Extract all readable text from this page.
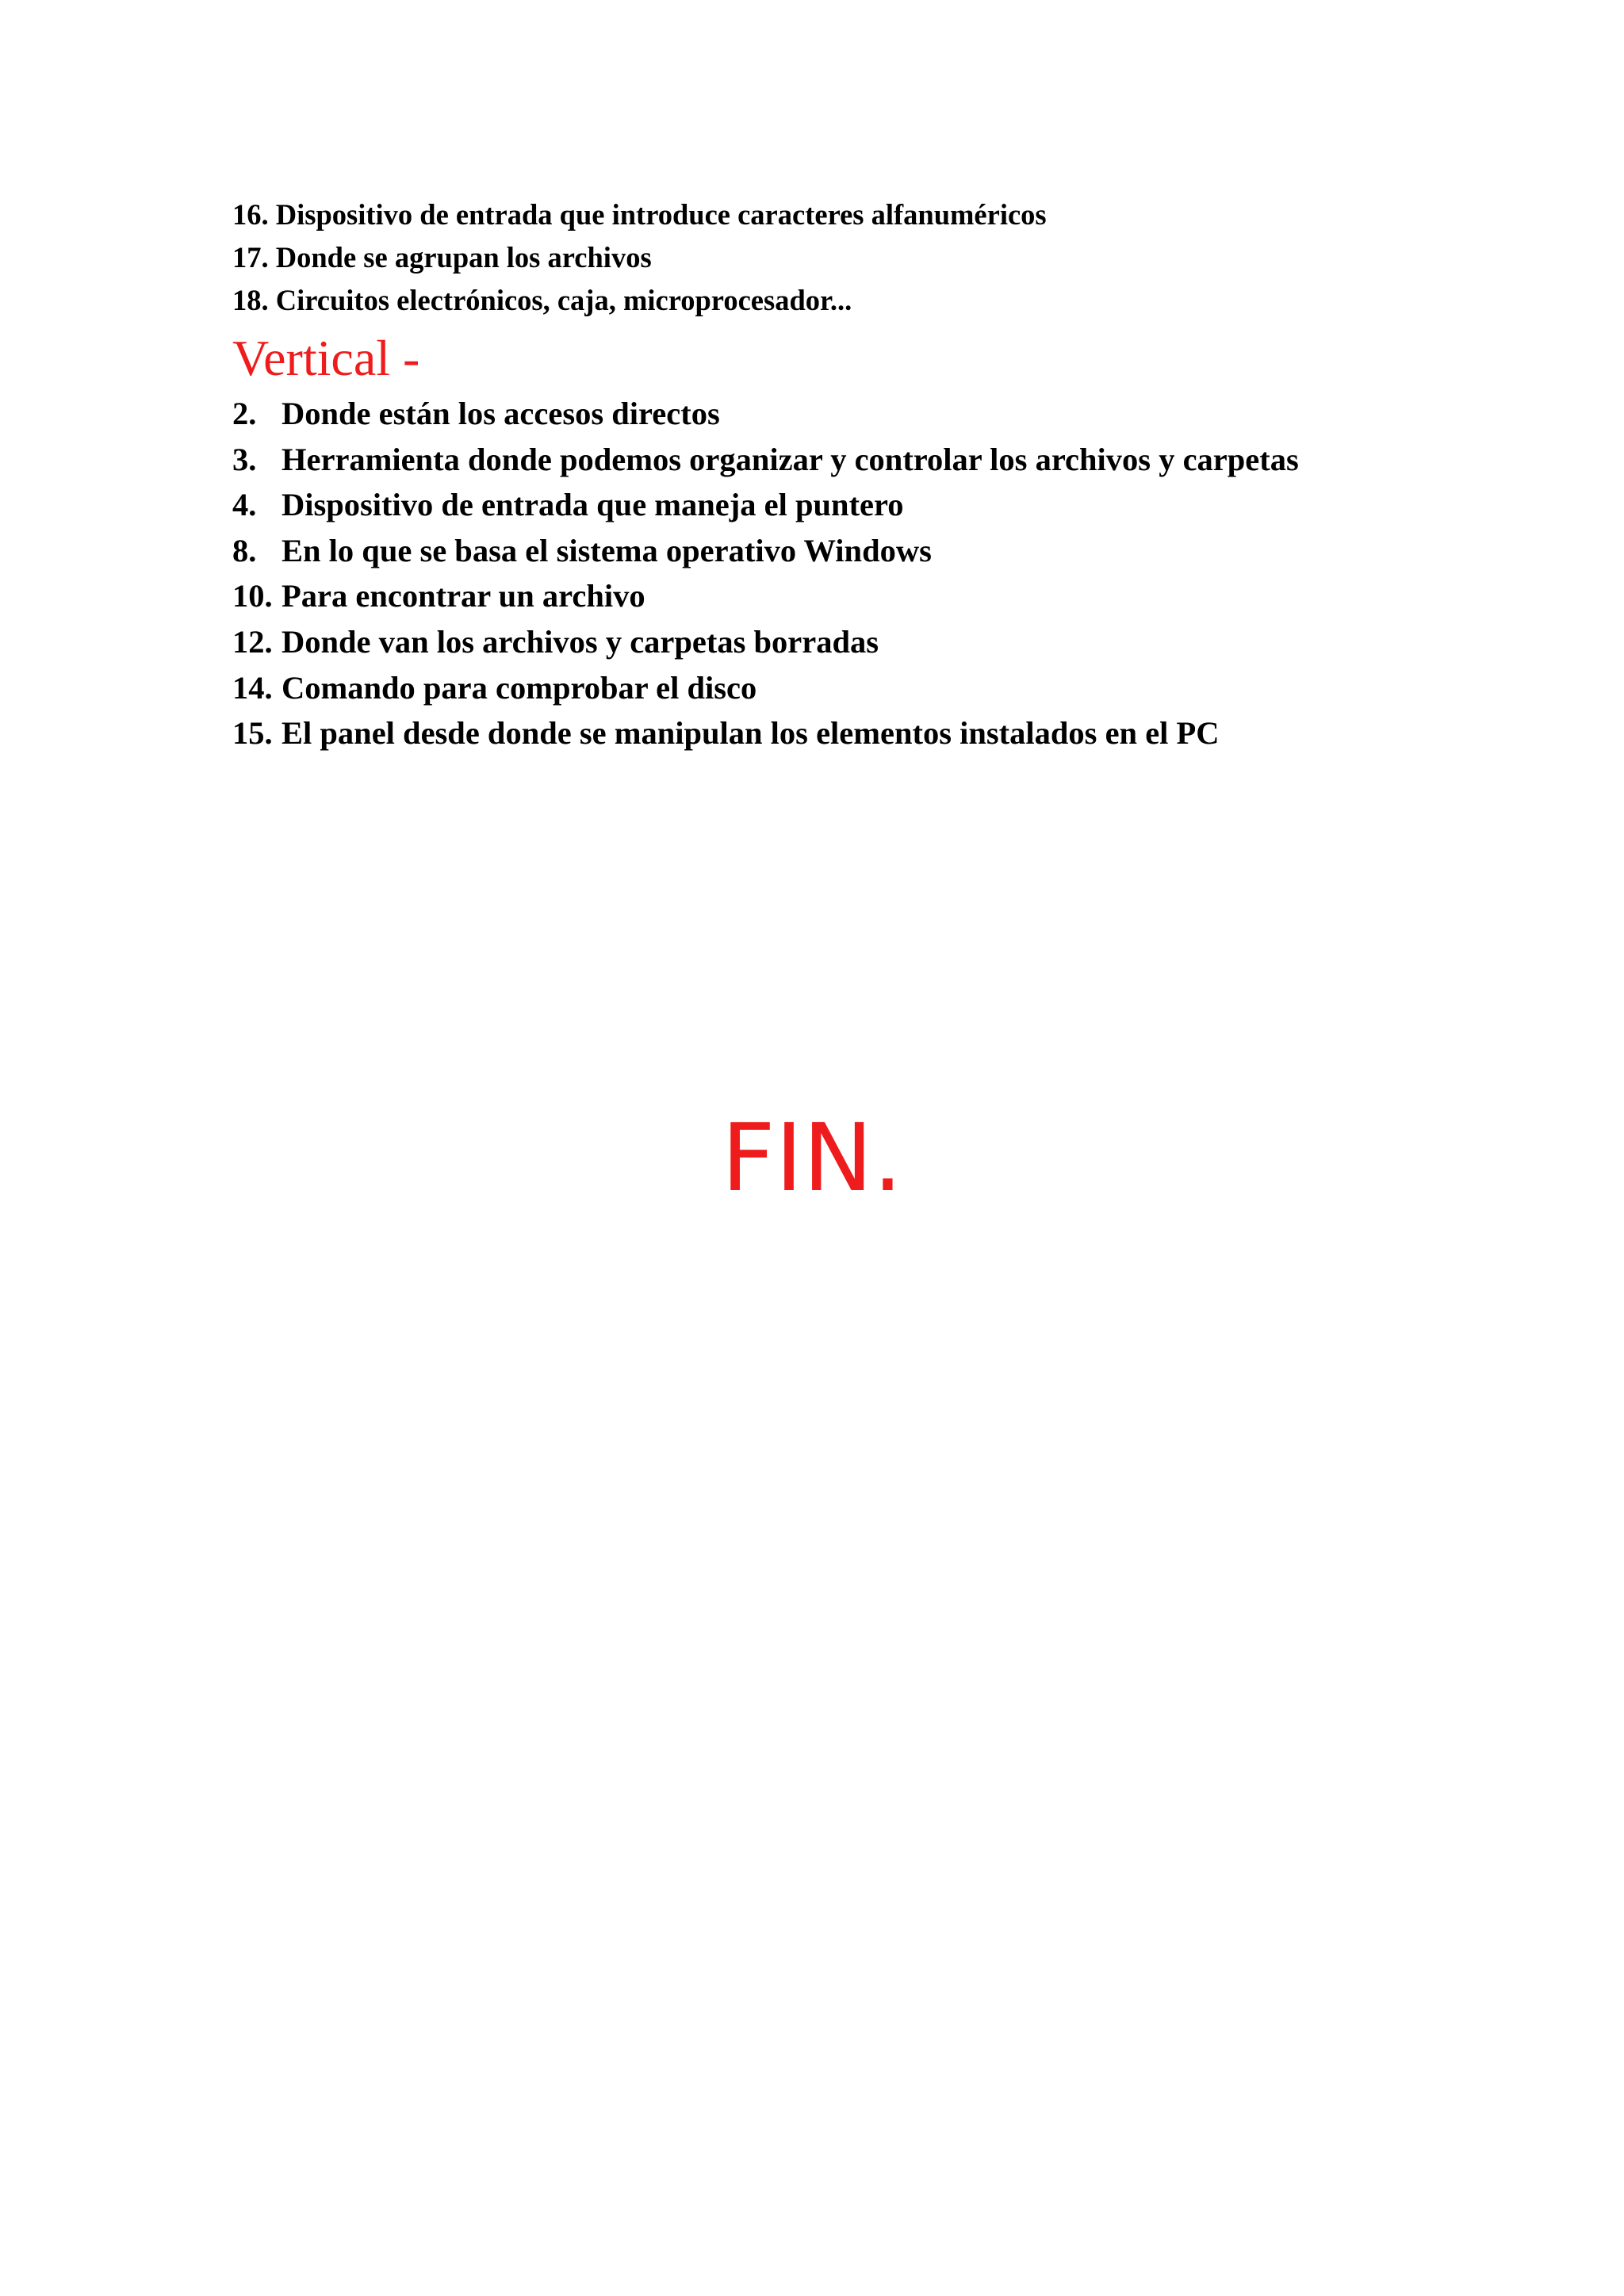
16. Dispositivo de entrada que introduce caracteres alfanuméricos
17. Donde se agrupan los archivos
18. Circuitos electrónicos, caja, microprocesador...
Vertical -
2. Donde están los accesos directos
3. Herramienta donde podemos organizar y controlar los archivos y carpetas
4. Dispositivo de entrada que maneja el puntero
8. En lo que se basa el sistema operativo Windows
10. Para encontrar un archivo
12. Donde van los archivos y carpetas borradas
14. Comando para comprobar el disco
15. El panel desde donde se manipulan los elementos instalados en el PC

FIN.
